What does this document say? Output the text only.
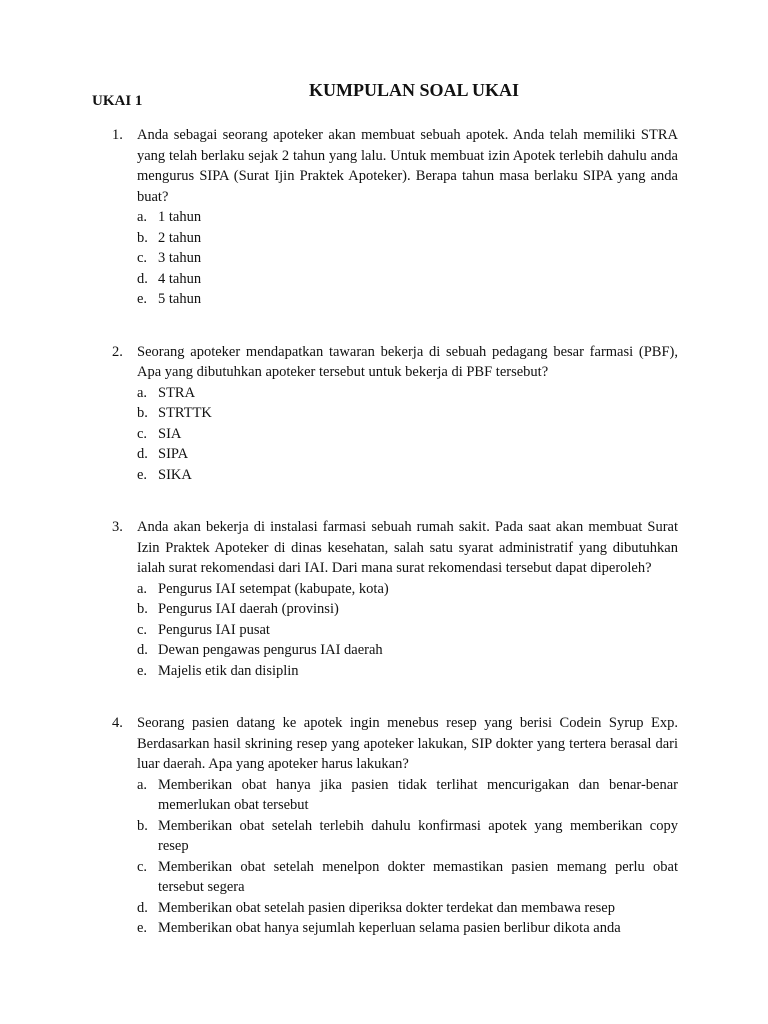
KUMPULAN SOAL UKAI
UKAI 1
1. Anda sebagai seorang apoteker akan membuat sebuah apotek. Anda telah memiliki STRA yang telah berlaku sejak 2 tahun yang lalu. Untuk membuat izin Apotek terlebih dahulu anda mengurus SIPA (Surat Ijin Praktek Apoteker). Berapa tahun masa berlaku SIPA yang anda buat?

a. 1 tahun
b. 2 tahun
c. 3 tahun
d. 4 tahun
e. 5 tahun
2. Seorang apoteker mendapatkan tawaran bekerja di sebuah pedagang besar farmasi (PBF), Apa yang dibutuhkan apoteker tersebut untuk bekerja di PBF tersebut?

a. STRA
b. STRTTK
c. SIA
d. SIPA
e. SIKA
3. Anda akan bekerja di instalasi farmasi sebuah rumah sakit. Pada saat akan membuat Surat Izin Praktek Apoteker di dinas kesehatan, salah satu syarat administratif yang dibutuhkan ialah surat rekomendasi dari IAI. Dari mana surat rekomendasi tersebut dapat diperoleh?

a. Pengurus IAI setempat (kabupate, kota)
b. Pengurus IAI daerah (provinsi)
c. Pengurus IAI pusat
d. Dewan pengawas pengurus IAI daerah
e. Majelis etik dan disiplin
4. Seorang pasien datang ke apotek ingin menebus resep yang berisi Codein Syrup Exp. Berdasarkan hasil skrining resep yang apoteker lakukan, SIP dokter yang tertera berasal dari luar daerah. Apa yang apoteker harus lakukan?

a. Memberikan obat hanya jika pasien tidak terlihat mencurigakan dan benar-benar memerlukan obat tersebut
b. Memberikan obat setelah terlebih dahulu konfirmasi apotek yang memberikan copy resep
c. Memberikan obat setelah menelpon dokter memastikan pasien memang perlu obat tersebut segera
d. Memberikan obat setelah pasien diperiksa dokter terdekat dan membawa resep
e. Memberikan obat hanya sejumlah keperluan selama pasien berlibur dikota anda
